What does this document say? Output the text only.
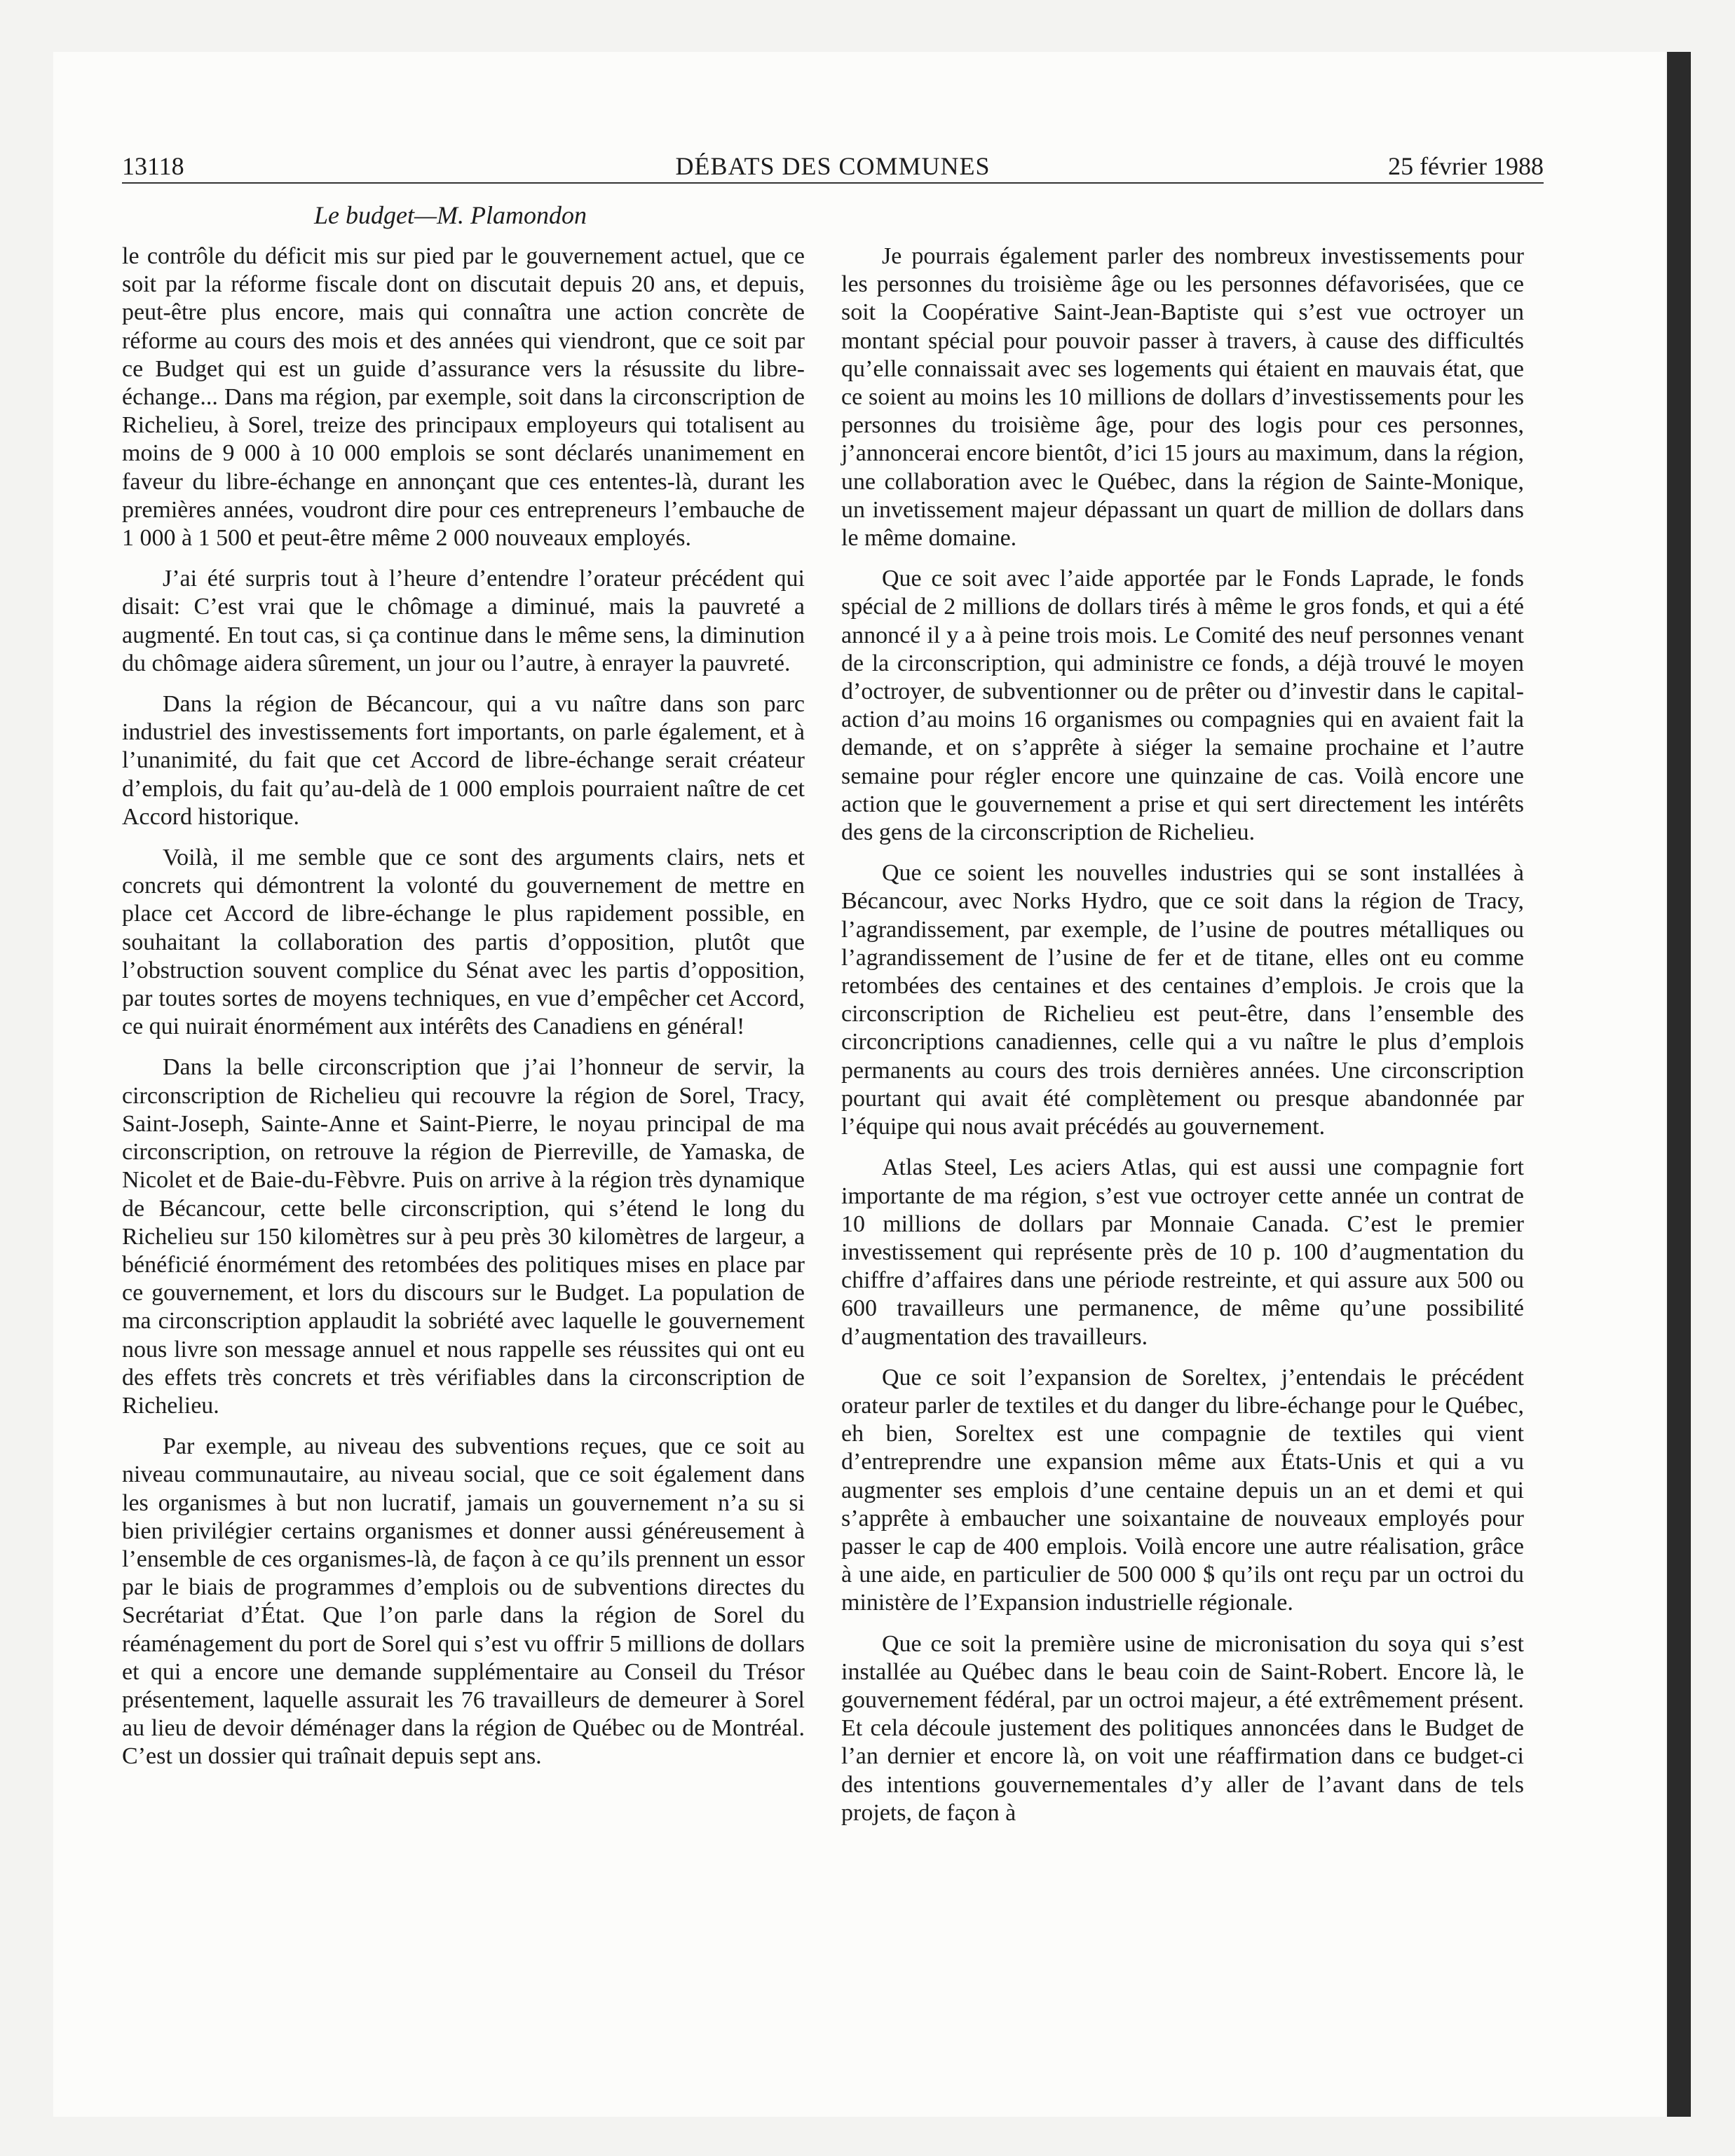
13118	DÉBATS DES COMMUNES	25 février 1988
Le budget—M. Plamondon

le contrôle du déficit mis sur pied par le gouvernement actuel, que ce soit par la réforme fiscale dont on discutait depuis 20 ans, et depuis, peut-être plus encore, mais qui connaîtra une action concrète de réforme au cours des mois et des années qui viendront, que ce soit par ce Budget qui est un guide d’assurance vers la résussite du libre-échange... Dans ma région, par exemple, soit dans la circonscription de Richelieu, à Sorel, treize des principaux employeurs qui totalisent au moins de 9 000 à 10 000 emplois se sont déclarés unanimement en faveur du libre-échange en annonçant que ces ententes-là, durant les premières années, voudront dire pour ces entrepreneurs l’embauche de 1 000 à 1 500 et peut-être même 2 000 nouveaux employés.

J’ai été surpris tout à l’heure d’entendre l’orateur précédent qui disait: C’est vrai que le chômage a diminué, mais la pauvreté a augmenté. En tout cas, si ça continue dans le même sens, la diminution du chômage aidera sûrement, un jour ou l’autre, à enrayer la pauvreté.

Dans la région de Bécancour, qui a vu naître dans son parc industriel des investissements fort importants, on parle également, et à l’unanimité, du fait que cet Accord de libre-échange serait créateur d’emplois, du fait qu’au-delà de 1 000 emplois pourraient naître de cet Accord historique.

Voilà, il me semble que ce sont des arguments clairs, nets et concrets qui démontrent la volonté du gouvernement de mettre en place cet Accord de libre-échange le plus rapidement possible, en souhaitant la collaboration des partis d’opposition, plutôt que l’obstruction souvent complice du Sénat avec les partis d’opposition, par toutes sortes de moyens techniques, en vue d’empêcher cet Accord, ce qui nuirait énormément aux intérêts des Canadiens en général!

Dans la belle circonscription que j’ai l’honneur de servir, la circonscription de Richelieu qui recouvre la région de Sorel, Tracy, Saint-Joseph, Sainte-Anne et Saint-Pierre, le noyau principal de ma circonscription, on retrouve la région de Pierreville, de Yamaska, de Nicolet et de Baie-du-Fèbvre. Puis on arrive à la région très dynamique de Bécancour, cette belle circonscription, qui s’étend le long du Richelieu sur 150 kilomètres sur à peu près 30 kilomètres de largeur, a bénéficié énormément des retombées des politiques mises en place par ce gouvernement, et lors du discours sur le Budget. La population de ma circonscription applaudit la sobriété avec laquelle le gouvernement nous livre son message annuel et nous rappelle ses réussites qui ont eu des effets très concrets et très vérifiables dans la circonscription de Richelieu.

Par exemple, au niveau des subventions reçues, que ce soit au niveau communautaire, au niveau social, que ce soit également dans les organismes à but non lucratif, jamais un gouvernement n’a su si bien privilégier certains organismes et donner aussi généreusement à l’ensemble de ces organismes-là, de façon à ce qu’ils prennent un essor par le biais de programmes d’emplois ou de subventions directes du Secrétariat d’État. Que l’on parle dans la région de Sorel du réaménagement du port de Sorel qui s’est vu offrir 5 millions de dollars et qui a encore une demande supplémentaire au Conseil du Trésor présentement, laquelle assurait les 76 travailleurs de demeurer à Sorel au lieu de devoir déménager dans la région de Québec ou de Montréal. C’est un dossier qui traînait depuis sept ans.

Je pourrais également parler des nombreux investissements pour les personnes du troisième âge ou les personnes défavorisées, que ce soit la Coopérative Saint-Jean-Baptiste qui s’est vue octroyer un montant spécial pour pouvoir passer à travers, à cause des difficultés qu’elle connaissait avec ses logements qui étaient en mauvais état, que ce soient au moins les 10 millions de dollars d’investissements pour les personnes du troisième âge, pour des logis pour ces personnes, j’annoncerai encore bientôt, d’ici 15 jours au maximum, dans la région, une collaboration avec le Québec, dans la région de Sainte-Monique, un invetissement majeur dépassant un quart de million de dollars dans le même domaine.

Que ce soit avec l’aide apportée par le Fonds Laprade, le fonds spécial de 2 millions de dollars tirés à même le gros fonds, et qui a été annoncé il y a à peine trois mois. Le Comité des neuf personnes venant de la circonscription, qui administre ce fonds, a déjà trouvé le moyen d’octroyer, de subventionner ou de prêter ou d’investir dans le capital-action d’au moins 16 organismes ou compagnies qui en avaient fait la demande, et on s’apprête à siéger la semaine prochaine et l’autre semaine pour régler encore une quinzaine de cas. Voilà encore une action que le gouvernement a prise et qui sert directement les intérêts des gens de la circonscription de Richelieu.

Que ce soient les nouvelles industries qui se sont installées à Bécancour, avec Norks Hydro, que ce soit dans la région de Tracy, l’agrandissement, par exemple, de l’usine de poutres métalliques ou l’agrandissement de l’usine de fer et de titane, elles ont eu comme retombées des centaines et des centaines d’emplois. Je crois que la circonscription de Richelieu est peut-être, dans l’ensemble des circoncriptions canadiennes, celle qui a vu naître le plus d’emplois permanents au cours des trois dernières années. Une circonscription pourtant qui avait été complètement ou presque abandonnée par l’équipe qui nous avait précédés au gouvernement.

Atlas Steel, Les aciers Atlas, qui est aussi une compagnie fort importante de ma région, s’est vue octroyer cette année un contrat de 10 millions de dollars par Monnaie Canada. C’est le premier investissement qui représente près de 10 p. 100 d’augmentation du chiffre d’affaires dans une période restreinte, et qui assure aux 500 ou 600 travailleurs une permanence, de même qu’une possibilité d’augmentation des travailleurs.

Que ce soit l’expansion de Soreltex, j’entendais le précédent orateur parler de textiles et du danger du libre-échange pour le Québec, eh bien, Soreltex est une compagnie de textiles qui vient d’entreprendre une expansion même aux États-Unis et qui a vu augmenter ses emplois d’une centaine depuis un an et demi et qui s’apprête à embaucher une soixantaine de nouveaux employés pour passer le cap de 400 emplois. Voilà encore une autre réalisation, grâce à une aide, en particulier de 500 000 $ qu’ils ont reçu par un octroi du ministère de l’Expansion industrielle régionale.

Que ce soit la première usine de micronisation du soya qui s’est installée au Québec dans le beau coin de Saint-Robert. Encore là, le gouvernement fédéral, par un octroi majeur, a été extrêmement présent. Et cela découle justement des politiques annoncées dans le Budget de l’an dernier et encore là, on voit une réaffirmation dans ce budget-ci des intentions gouvernementales d’y aller de l’avant dans de tels projets, de façon à
